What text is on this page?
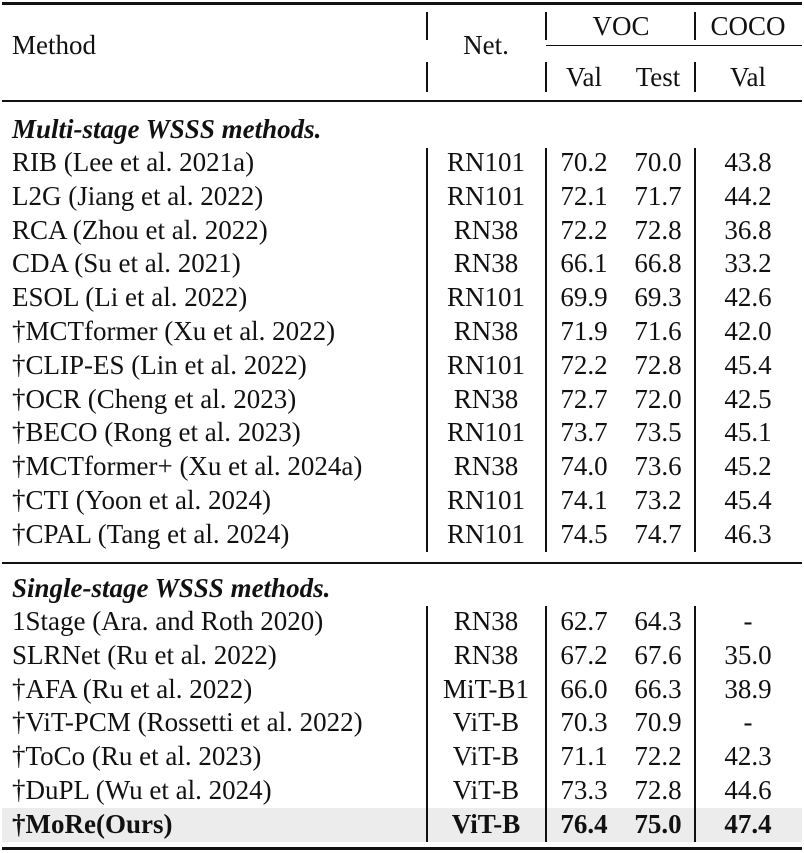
Method	Net.
VOC	COCO
Val	Test	Val
Multi-stage WSSS methods.
Single-stage WSSS methods.
RIB (Lee et al. 2021a)	RN101	70.2 70.0	43.8
L2G (Jiang et al. 2022)	RN101	72.1 71.7	44.2
RCA (Zhou et al. 2022)	RN38	72.2 72.8	36.8
CDA (Su et al. 2021)	RN38	66.1 66.8	33.2
ESOL (Li et al. 2022)	RN101	69.9 69.3	42.6
†MCTformer (Xu et al. 2022)	RN38	71.9 71.6	42.0
†CLIP-ES (Lin et al. 2022)	RN101	72.2 72.8	45.4
†OCR (Cheng et al. 2023)	RN38	72.7 72.0	42.5
†BECO (Rong et al. 2023)	RN101	73.7 73.5	45.1
†MCTformer+ (Xu et al. 2024a)	RN38	74.0 73.6	45.2
†CTI (Yoon et al. 2024)	RN101	74.1 73.2	45.4
†CPAL (Tang et al. 2024)	RN101	74.5 74.7	46.3
1Stage (Ara. and Roth 2020)	RN38	62.7 64.3	-
SLRNet (Ru et al. 2022)	RN38	67.2 67.6	35.0
†AFA (Ru et al. 2022)	MiT-B1	66.0 66.3	38.9
†ViT-PCM (Rossetti et al. 2022)	ViT-B	70.3 70.9	-
†ToCo (Ru et al. 2023)	ViT-B	71.1 72.2	42.3
†DuPL (Wu et al. 2024)	ViT-B	73.3 72.8	44.6
†MoRe(Ours)	ViT-B	76.4 75.0	47.4
